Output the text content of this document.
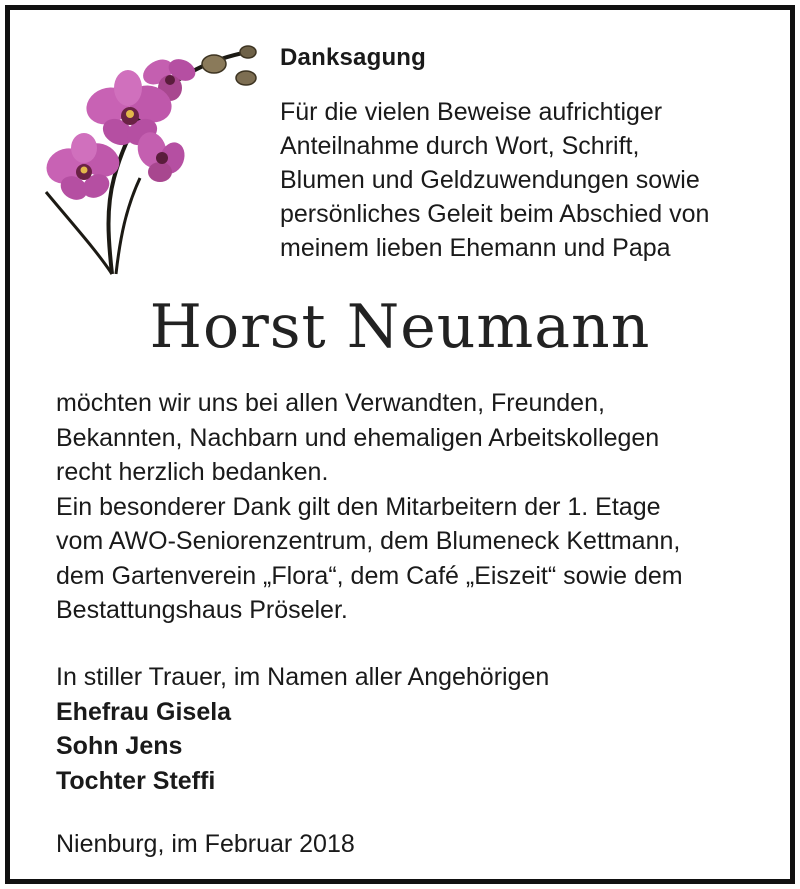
Danksagung
Für die vielen Beweise aufrichtiger
Anteilnahme durch Wort, Schrift,
Blumen und Geldzuwendungen sowie
persönliches Geleit beim Abschied von
meinem lieben Ehemann und Papa
Horst Neumann
möchten wir uns bei allen Verwandten, Freunden,
Bekannten, Nachbarn und ehemaligen Arbeitskollegen
recht herzlich bedanken.
Ein besonderer Dank gilt den Mitarbeitern der 1. Etage
vom AWO-Seniorenzentrum, dem Blumeneck Kettmann,
dem Gartenverein „Flora“, dem Café „Eiszeit“ sowie dem
Bestattungshaus Pröseler.
In stiller Trauer, im Namen aller Angehörigen
Ehefrau Gisela
Sohn Jens
Tochter Steffi
Nienburg, im Februar 2018
